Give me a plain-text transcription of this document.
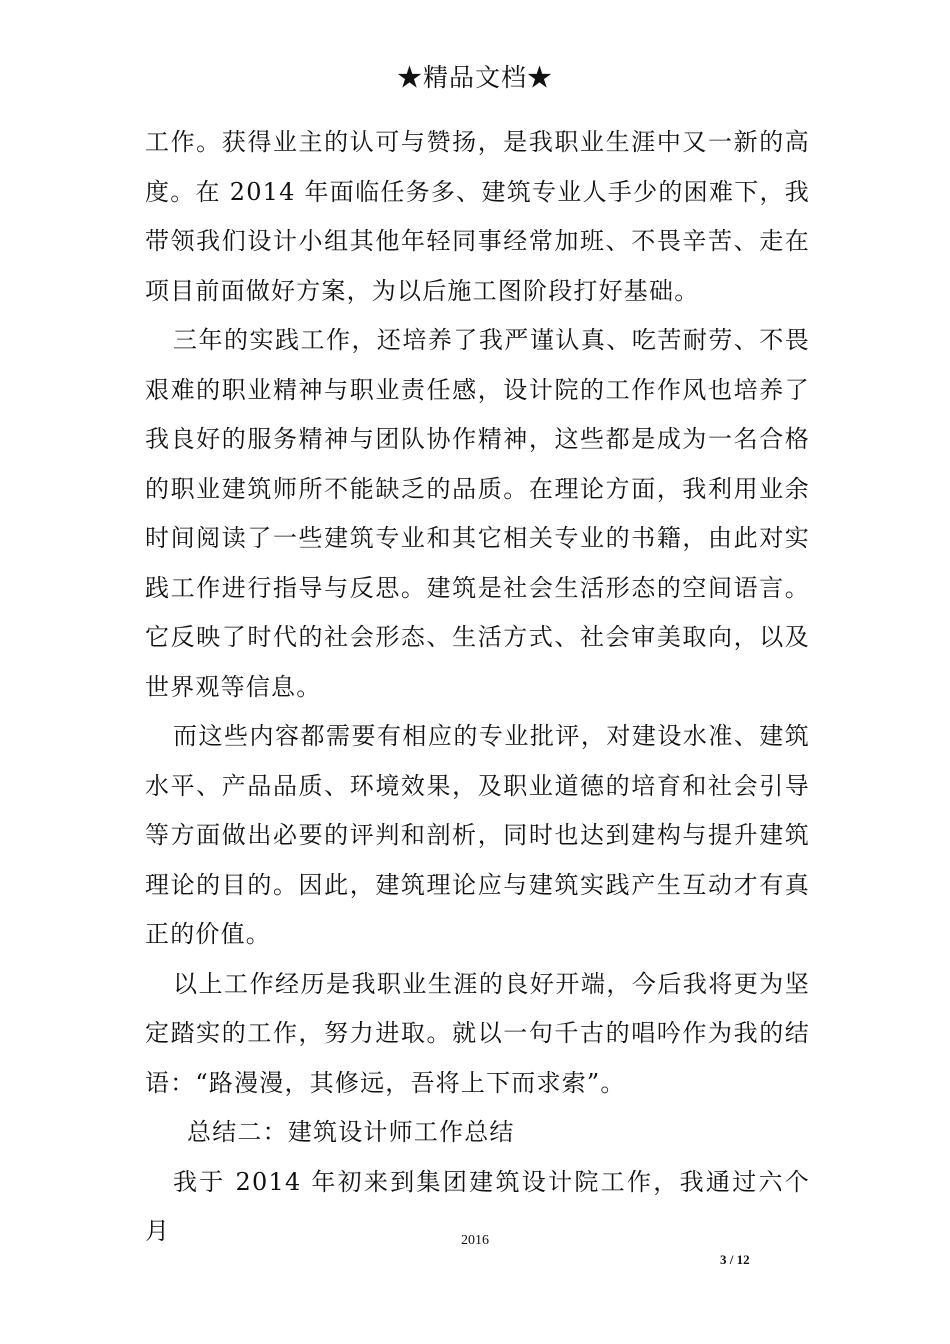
★精品文档★

工作。获得业主的认可与赞扬，是我职业生涯中又一新的高度。在 2014 年面临任务多、建筑专业人手少的困难下，我带领我们设计小组其他年轻同事经常加班、不畏辛苦、走在项目前面做好方案，为以后施工图阶段打好基础。

三年的实践工作，还培养了我严谨认真、吃苦耐劳、不畏艰难的职业精神与职业责任感，设计院的工作作风也培养了我良好的服务精神与团队协作精神，这些都是成为一名合格的职业建筑师所不能缺乏的品质。在理论方面，我利用业余时间阅读了一些建筑专业和其它相关专业的书籍，由此对实践工作进行指导与反思。建筑是社会生活形态的空间语言。它反映了时代的社会形态、生活方式、社会审美取向，以及世界观等信息。

而这些内容都需要有相应的专业批评，对建设水准、建筑水平、产品品质、环境效果，及职业道德的培育和社会引导等方面做出必要的评判和剖析，同时也达到建构与提升建筑理论的目的。因此，建筑理论应与建筑实践产生互动才有真正的价值。

以上工作经历是我职业生涯的良好开端，今后我将更为坚定踏实的工作，努力进取。就以一句千古的唱吟作为我的结语：“路漫漫，其修远，吾将上下而求索”。

总结二：建筑设计师工作总结

我于 2014 年初来到集团建筑设计院工作，我通过六个月	2016
3 / 12
